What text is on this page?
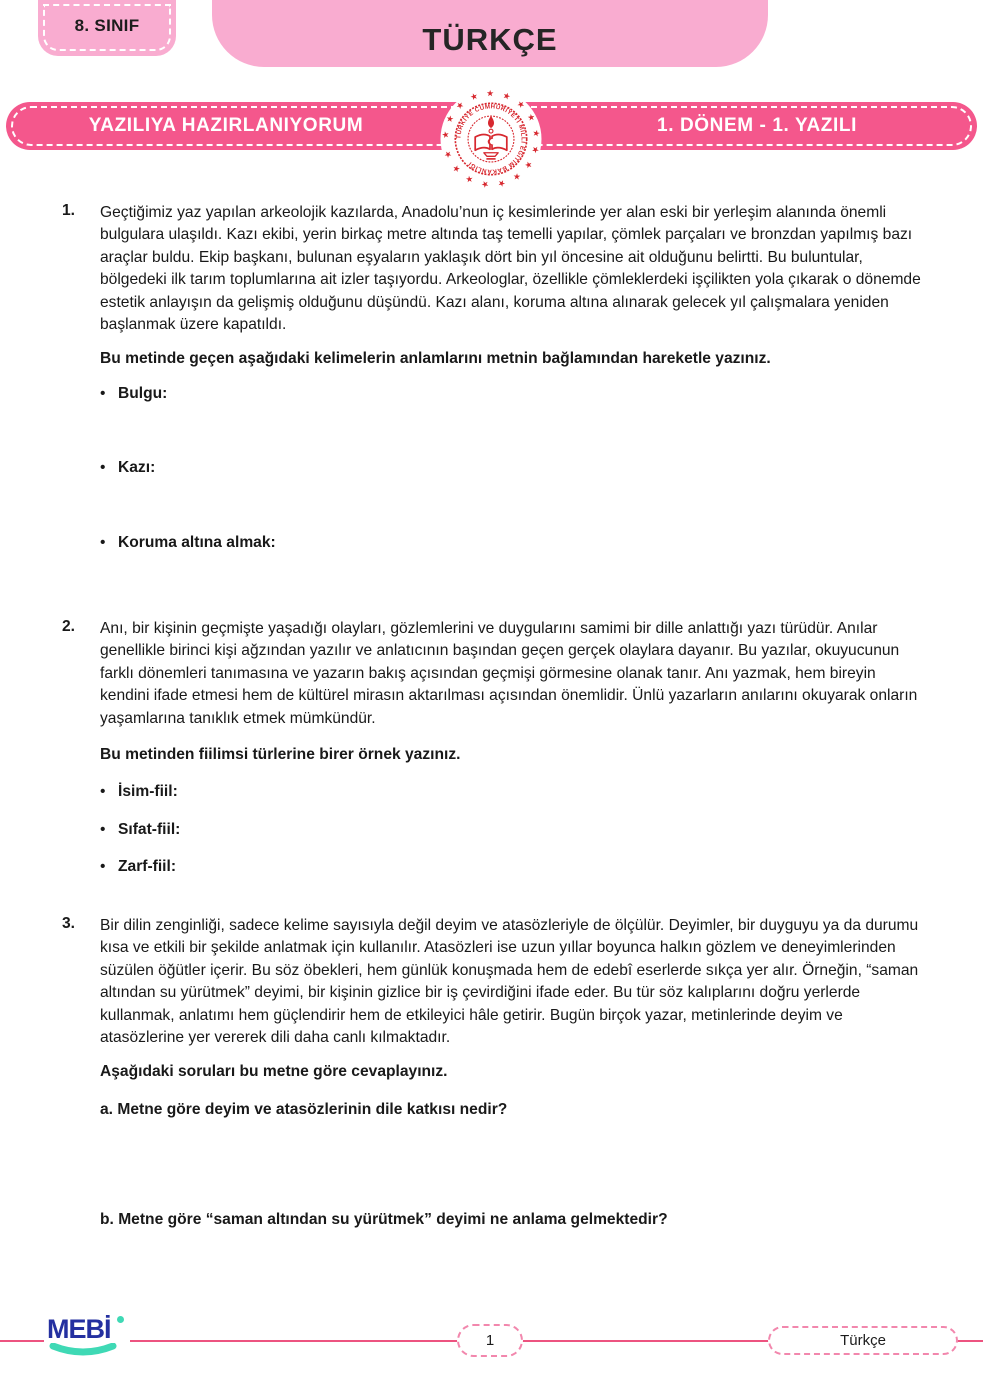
8. SINIF	TÜRKÇE
YAZILIYA HAZIRLANIYORUM	1. DÖNEM - 1. YAZILI
★ ★ ★ ★ ★ ★ ★ ★ ★ ★ ★ ★ ★ ★ ★ ★ ★
TÜRKİYE CUMHURİYETİ MİLLÎ EĞİTİM BAKANLIĞI
1. Geçtiğimiz yaz yapılan arkeolojik kazılarda, Anadolu’nun iç kesimlerinde yer alan eski bir yerleşim alanında önemli bulgulara ulaşıldı. Kazı ekibi, yerin birkaç metre altında taş temelli yapılar, çömlek parçaları ve bronzdan yapılmış bazı araçlar buldu. Ekip başkanı, bulunan eşyaların yaklaşık dört bin yıl öncesine ait olduğunu belirtti. Bu buluntular, bölgedeki ilk tarım toplumlarına ait izler taşıyordu. Arkeologlar, özellikle çömleklerdeki işçilikten yola çıkarak o dönemde estetik anlayışın da gelişmiş olduğunu düşündü. Kazı alanı, koruma altına alınarak gelecek yıl çalışmalara yeniden başlanmak üzere kapatıldı.

Bu metinde geçen aşağıdaki kelimelerin anlamlarını metnin bağlamından hareketle yazınız.

• Bulgu:
• Kazı:
• Koruma altına almak:
2. Anı, bir kişinin geçmişte yaşadığı olayları, gözlemlerini ve duygularını samimi bir dille anlattığı yazı türüdür. Anılar genellikle birinci kişi ağzından yazılır ve anlatıcının başından geçen gerçek olaylara dayanır. Bu yazılar, okuyucunun farklı dönemleri tanımasına ve yazarın bakış açısından geçmişi görmesine olanak tanır. Anı yazmak, hem bireyin kendini ifade etmesi hem de kültürel mirasın aktarılması açısından önemlidir. Ünlü yazarların anılarını okuyarak onların yaşamlarına tanıklık etmek mümkündür.

Bu metinden fiilimsi türlerine birer örnek yazınız.

• İsim-fiil:
• Sıfat-fiil:
• Zarf-fiil:
3. Bir dilin zenginliği, sadece kelime sayısıyla değil deyim ve atasözleriyle de ölçülür. Deyimler, bir duyguyu ya da durumu kısa ve etkili bir şekilde anlatmak için kullanılır. Atasözleri ise uzun yıllar boyunca halkın gözlem ve deneyimlerinden süzülen öğütler içerir. Bu söz öbekleri, hem günlük konuşmada hem de edebî eserlerde sıkça yer alır. Örneğin, “saman altından su yürütmek” deyimi, bir kişinin gizlice bir iş çevirdiğini ifade eder. Bu tür söz kalıplarını doğru yerlerde kullanmak, anlatımı hem güçlendirir hem de etkileyici hâle getirir. Bugün birçok yazar, metinlerinde deyim ve atasözlerine yer vererek dili daha canlı kılmaktadır.

Aşağıdaki soruları bu metne göre cevaplayınız.

a. Metne göre deyim ve atasözlerinin dile katkısı nedir?

b. Metne göre “saman altından su yürütmek” deyimi ne anlama gelmektedir?

MEBİ	1	Türkçe
